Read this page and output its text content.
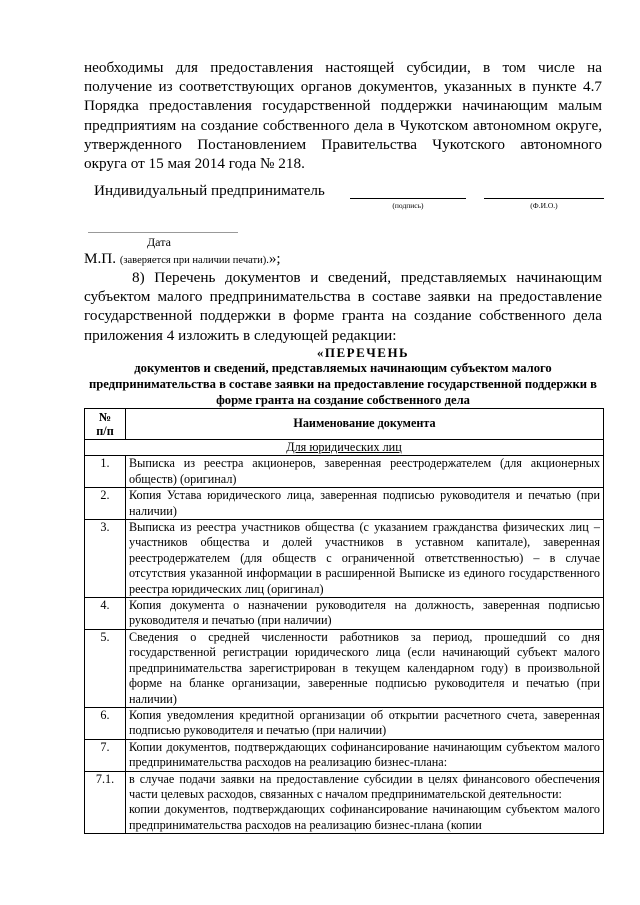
необходимы для предоставления настоящей субсидии, в том числе на получение из соответствующих органов документов, указанных в пункте 4.7 Порядка предоставления государственной поддержки начинающим малым предприятиям на создание собственного дела в Чукотском автономном округе, утвержденного Постановлением Правительства Чукотского автономного округа от 15 мая 2014 года № 218.

Индивидуальный предприниматель
(подпись)	(Ф.И.О.)
Дата
М.П. (заверяется при наличии печати).»;

8) Перечень документов и сведений, представляемых начинающим субъектом малого предпринимательства в составе заявки на предоставление государственной поддержки в форме гранта на создание собственного дела приложения 4 изложить в следующей редакции:

«ПЕРЕЧЕНЬ
документов и сведений, представляемых начинающим субъектом малого предпринимательства в составе заявки на предоставление государственной поддержки в форме гранта на создание собственного дела
№
п/п	Наименование документа
Для юридических лиц	
1.	Выписка из реестра акционеров, заверенная реестродержателем (для акционерных обществ) (оригинал)
2.	Копия Устава юридического лица, заверенная подписью руководителя и печатью (при наличии)
3.	Выписка из реестра участников общества (с указанием гражданства физических лиц – участников общества и долей участников в уставном капитале), заверенная реестродержателем (для обществ с ограниченной ответственностью) – в случае отсутствия указанной информации в расширенной Выписке из единого государственного реестра юридических лиц (оригинал)
4.	Копия документа о назначении руководителя на должность, заверенная подписью руководителя и печатью (при наличии)
5.	Сведения о средней численности работников за период, прошедший со дня государственной регистрации юридического лица (если начинающий субъект малого предпринимательства зарегистрирован в текущем календарном году) в произвольной форме на бланке организации, заверенные подписью руководителя и печатью (при наличии)
6.	Копия уведомления кредитной организации об открытии расчетного счета, заверенная подписью руководителя и печатью (при наличии)
7.	Копии документов, подтверждающих софинансирование начинающим субъектом малого предпринимательства расходов на реализацию бизнес-плана:
7.1.	в случае подачи заявки на предоставление субсидии в целях финансового обеспечения части целевых расходов, связанных с началом предпринимательской деятельности:
копии документов, подтверждающих софинансирование начинающим субъектом малого предпринимательства расходов на реализацию бизнес-плана (копии
